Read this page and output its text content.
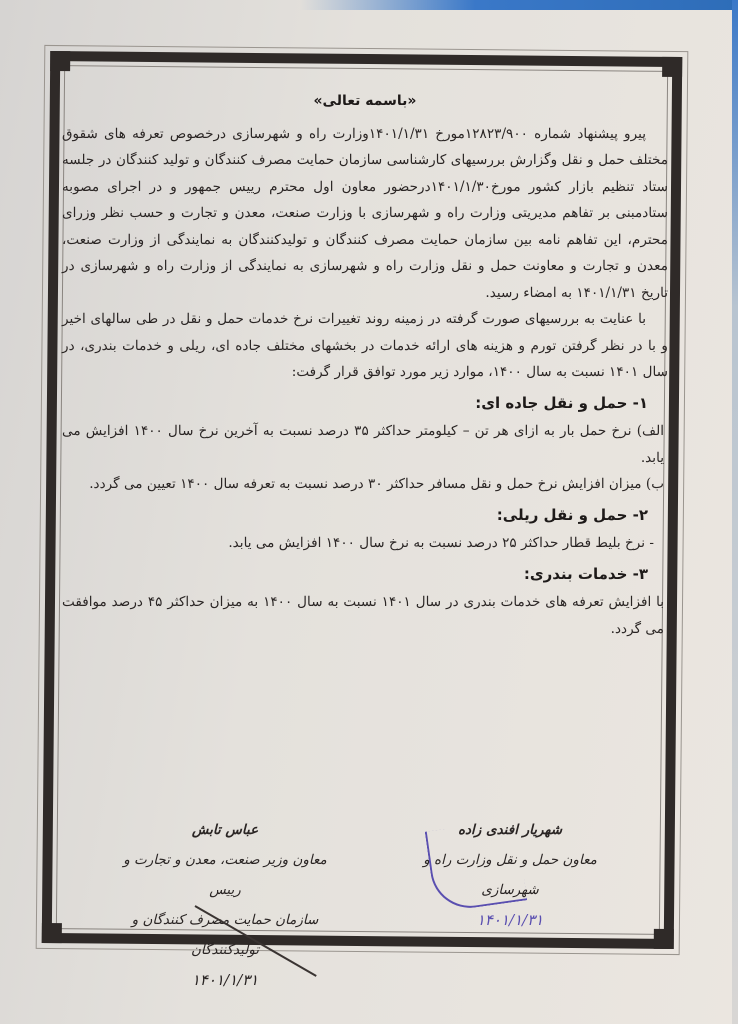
«باسمه تعالی»

پیرو پیشنهاد شماره ۱۲۸۲۳/۹۰۰مورخ ۱۴۰۱/۱/۳۱وزارت راه و شهرسازی درخصوص تعرفه های شقوق مختلف حمل و نقل وگزارش بررسیهای کارشناسی سازمان حمایت مصرف کنندگان و تولید کنندگان در جلسه ستاد تنظیم بازار کشور مورخ۱۴۰۱/۱/۳۰درحضور معاون اول محترم رییس جمهور و در اجرای مصوبه ستادمبنی بر تفاهم مدیریتی وزارت راه و شهرسازی با وزارت صنعت، معدن و تجارت و حسب نظر وزرای محترم، این تفاهم نامه بین سازمان حمایت مصرف کنندگان و تولیدکنندگان به نمایندگی از وزارت صنعت، معدن و تجارت و معاونت حمل و نقل وزارت راه و شهرسازی به نمایندگی از وزارت راه و شهرسازی در تاریخ ۱۴۰۱/۱/۳۱ به امضاء رسید.

با عنایت به بررسیهای صورت گرفته در زمینه روند تغییرات نرخ خدمات حمل و نقل در طی سالهای اخیر و با در نظر گرفتن تورم و هزینه های ارائه خدمات در بخشهای مختلف جاده ای، ریلی و خدمات بندری، در سال ۱۴۰۱ نسبت به سال ۱۴۰۰، موارد زیر مورد توافق قرار گرفت:

۱- حمل و نقل جاده ای:

الف) نرخ حمل بار به ازای هر تن – کیلومتر حداکثر ۳۵ درصد نسبت به آخرین نرخ سال ۱۴۰۰ افزایش می یابد.

ب) میزان افزایش نرخ حمل و نقل مسافر حداکثر ۳۰ درصد نسبت به تعرفه سال ۱۴۰۰ تعیین می گردد.

۲- حمل و نقل ریلی:

- نرخ بلیط قطار حداکثر ۲۵ درصد نسبت به نرخ سال ۱۴۰۰ افزایش می یابد.

۳- خدمات بندری:

با افزایش تعرفه های خدمات بندری در سال ۱۴۰۱ نسبت به سال ۱۴۰۰ به میزان حداکثر ۴۵ درصد موافقت می گردد.

عباس تابش
معاون وزیر صنعت، معدن و تجارت و رییس
سازمان حمایت مصرف کنندگان و تولیدکنندگان
۱۴۰۱/۱/۳۱
شهریار افندی زاده
معاون حمل و نقل وزارت راه و شهرسازی
۱۴۰۱/۱/۳۱
